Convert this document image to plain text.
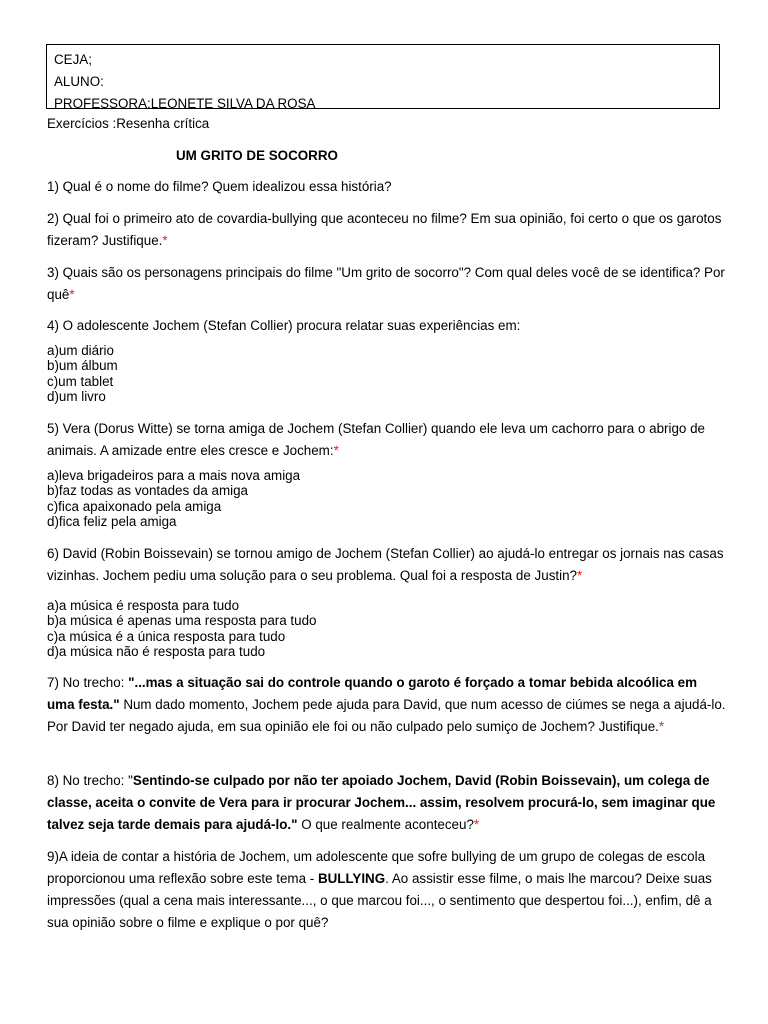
CEJA;
ALUNO:
PROFESSORA:LEONETE SILVA DA ROSA
Exercícios :Resenha crítica
UM GRITO DE SOCORRO
1) Qual é o nome do filme? Quem idealizou essa história?
2) Qual foi o primeiro ato de covardia-bullying que aconteceu no filme? Em sua opinião, foi certo o que os garotos fizeram? Justifique.*
3) Quais são os personagens principais do filme "Um grito de socorro"? Com qual deles você de se identifica? Por quê*
4) O adolescente Jochem (Stefan Collier) procura relatar suas experiências em:
a)um diário
b)um álbum
c)um tablet
d)um livro
5) Vera (Dorus Witte) se torna amiga de Jochem (Stefan Collier) quando ele leva um cachorro para o abrigo de animais. A amizade entre eles cresce e Jochem:*
a)leva brigadeiros para a mais nova amiga
b)faz todas as vontades da amiga
c)fica apaixonado pela amiga
d)fica feliz pela amiga
6) David (Robin Boissevain) se tornou amigo de Jochem (Stefan Collier) ao ajudá-lo entregar os jornais nas casas vizinhas. Jochem pediu uma solução para o seu problema. Qual foi a resposta de Justin?*
a)a música é resposta para tudo
b)a música é apenas uma resposta para tudo
c)a música é a única resposta para tudo
d)a música não é resposta para tudo
7) No trecho: "...mas a situação sai do controle quando o garoto é forçado a tomar bebida alcoólica em uma festa." Num dado momento, Jochem pede ajuda para David, que num acesso de ciúmes se nega a ajudá-lo. Por David ter negado ajuda, em sua opinião ele foi ou não culpado pelo sumiço de Jochem? Justifique.*
8) No trecho: "Sentindo-se culpado por não ter apoiado Jochem, David (Robin Boissevain), um colega de classe, aceita o convite de Vera para ir procurar Jochem... assim, resolvem procurá-lo, sem imaginar que talvez seja tarde demais para ajudá-lo." O que realmente aconteceu?*
9)A ideia de contar a história de Jochem, um adolescente que sofre bullying de um grupo de colegas de escola proporcionou uma reflexão sobre este tema - BULLYING. Ao assistir esse filme, o mais lhe marcou? Deixe suas impressões (qual a cena mais interessante..., o que marcou foi..., o sentimento que despertou foi...), enfim, dê a sua opinião sobre o filme e explique o por quê?
